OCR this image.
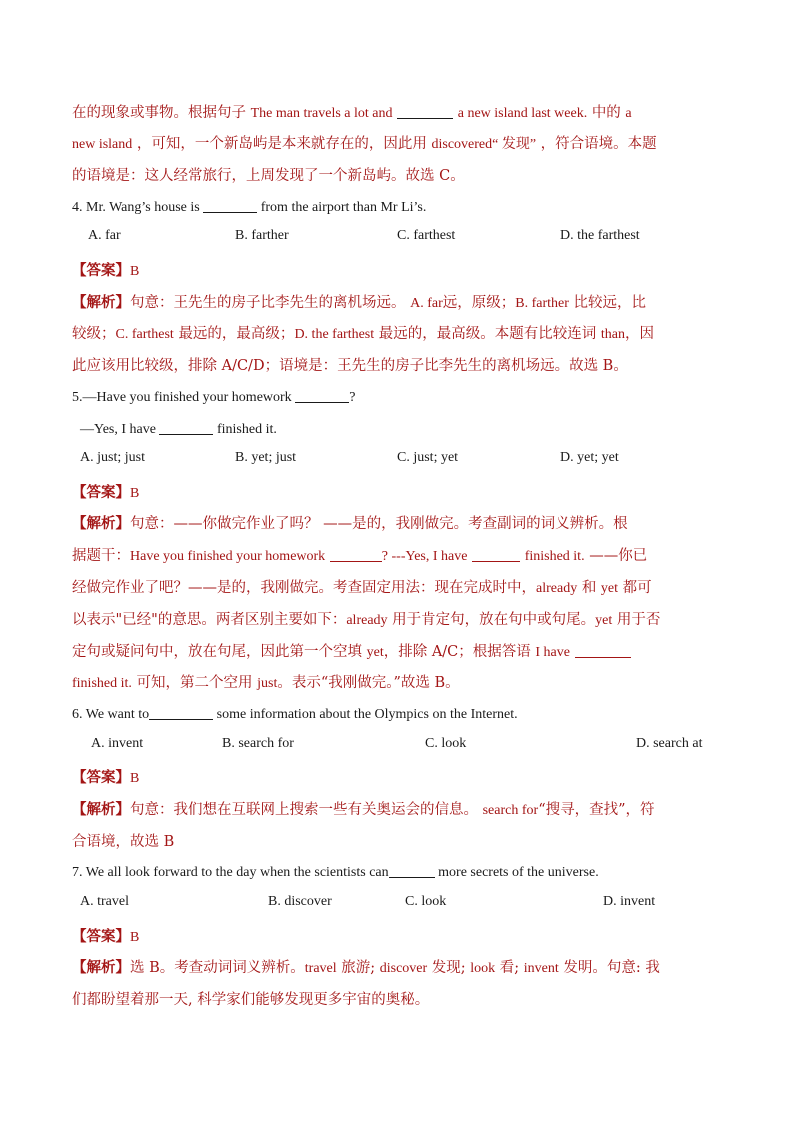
在的现象或事物。根据句子 The man travels a lot and	a new island last week. 中的 a
new island ，可知，一个新岛屿是本来就存在的，因此用 discovered“ 发现” ，符合语境。本题
的语境是：这人经常旅行，上周发现了一个新岛屿。故选 C。
4. Mr. Wang’s house is	from the airport than Mr Li’s.
A. far	B. farther	C. farthest	D. the farthest
【答案】B
【解析】句意：王先生的房子比李先生的离机场远。 A. far远，原级；B. farther 比较远，比
较级；C. farthest 最远的，最高级；D. the farthest 最远的，最高级。本题有比较连词 than，因
此应该用比较级，排除 A/C/D；语境是：王先生的房子比李先生的离机场远。故选 B。
5.—Have you finished your homework	?
—Yes, I have	finished it.
A. just; just	B. yet; just	C. just; yet	D. yet; yet
【答案】B
【解析】句意：——你做完作业了吗？ ——是的，我刚做完。考查副词的词义辨析。根
据题干：Have you finished your homework	? ---Yes, I have	finished it. ——你已
经做完作业了吧？——是的，我刚做完。考查固定用法：现在完成时中，already 和 yet 都可
以表示"已经"的意思。两者区别主要如下：already 用于肯定句，放在句中或句尾。yet 用于否
定句或疑问句中，放在句尾，因此第一个空填 yet，排除 A/C；根据答语 I have
finished it. 可知，第二个空用 just。表示“我刚做完。”故选 B。
6. We want to	some information about the Olympics on the Internet.
A. invent	B. search for	C. look	D. search at
【答案】B
【解析】句意：我们想在互联网上搜索一些有关奥运会的信息。 search for“搜寻，查找”，符
合语境，故选 B
7. We all look forward to the day when the scientists can	more secrets of the universe.
A. travel	B. discover	C. look	D. invent
【答案】B
【解析】选 B。考查动词词义辨析。travel 旅游; discover 发现; look 看; invent 发明。句意: 我
们都盼望着那一天, 科学家们能够发现更多宇宙的奥秘。
